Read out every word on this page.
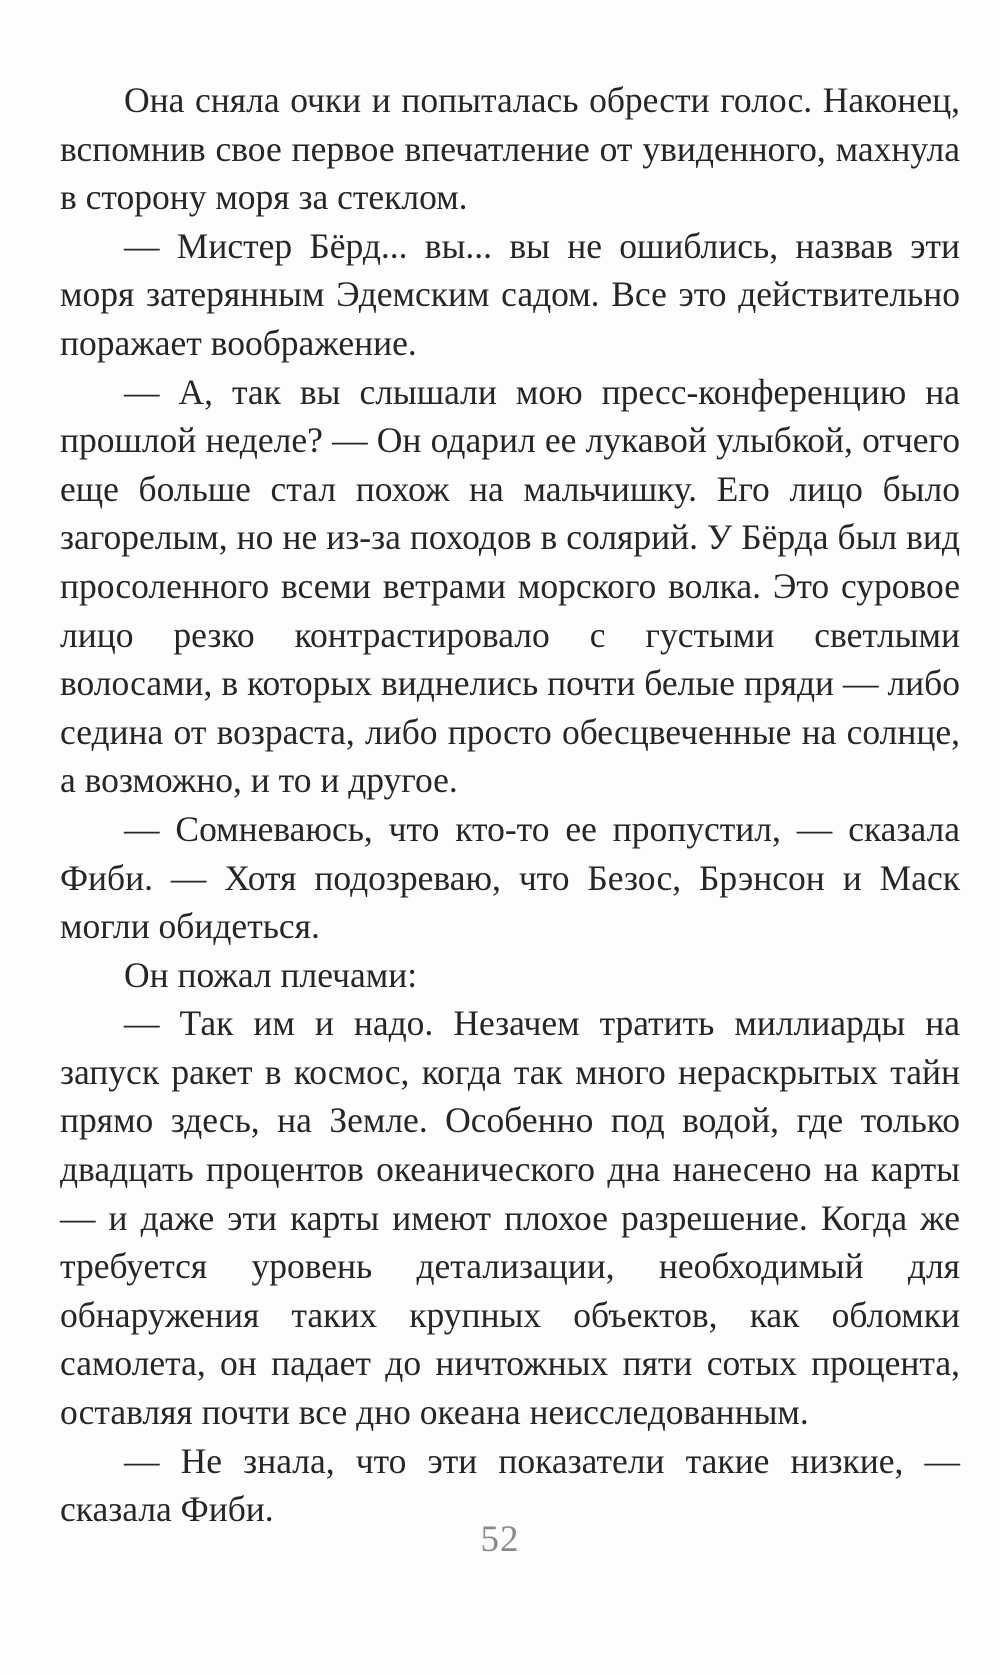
Она сняла очки и попыталась обрести голос. Наконец, вспомнив свое первое впечатление от увиденного, махнула в сторону моря за стеклом.

— Мистер Бёрд... вы... вы не ошиблись, назвав эти моря затерянным Эдемским садом. Все это действительно поражает воображение.

— А, так вы слышали мою пресс-конференцию на прошлой неделе? — Он одарил ее лукавой улыбкой, отчего еще больше стал похож на мальчишку. Его лицо было загорелым, но не из-за походов в солярий. У Бёрда был вид просоленного всеми ветрами морского волка. Это суровое лицо резко контрастировало с густыми светлыми волосами, в которых виднелись почти белые пряди — либо седина от возраста, либо просто обесцвеченные на солнце, а возможно, и то и другое.

— Сомневаюсь, что кто-то ее пропустил, — сказала Фиби. — Хотя подозреваю, что Безос, Брэнсон и Маск могли обидеться.

Он пожал плечами:

— Так им и надо. Незачем тратить миллиарды на запуск ракет в космос, когда так много нераскрытых тайн прямо здесь, на Земле. Особенно под водой, где только двадцать процентов океанического дна нанесено на карты — и даже эти карты имеют плохое разрешение. Когда же требуется уровень детализации, необходимый для обнаружения таких крупных объектов, как обломки самолета, он падает до ничтожных пяти сотых процента, оставляя почти все дно океана неисследованным.

— Не знала, что эти показатели такие низкие, — сказала Фиби.

52
